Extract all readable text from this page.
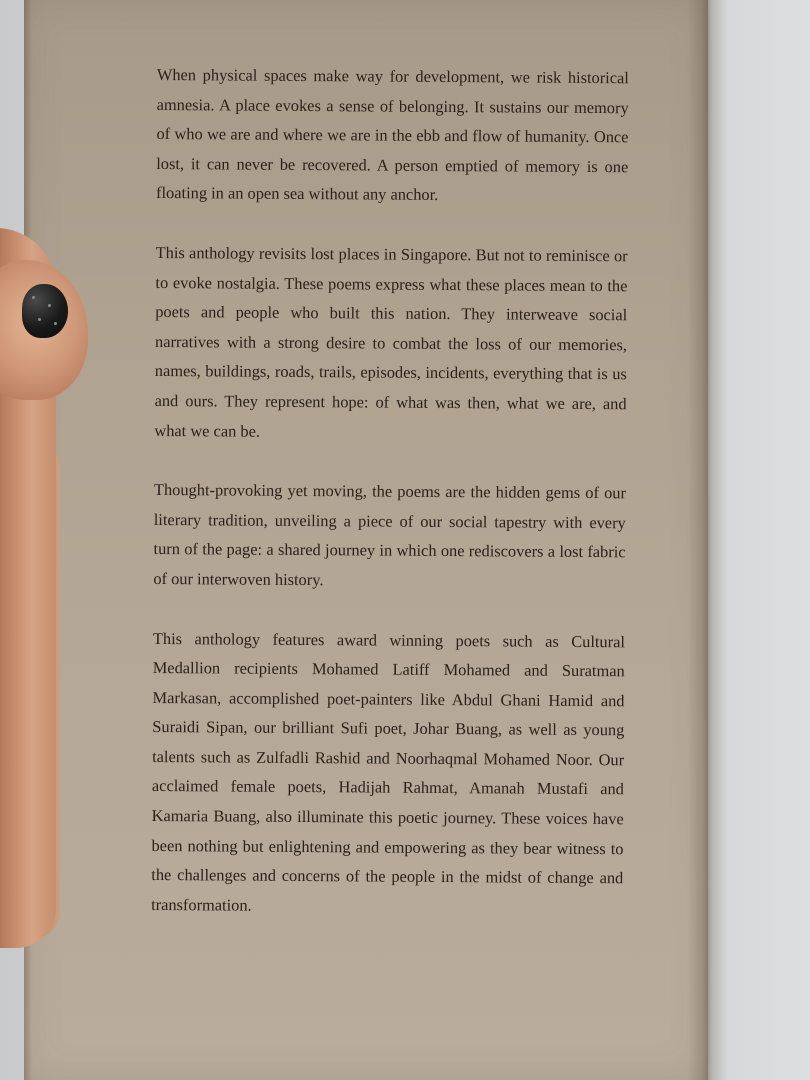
When physical spaces make way for development, we risk historical amnesia. A place evokes a sense of belonging. It sustains our memory of who we are and where we are in the ebb and flow of humanity. Once lost, it can never be recovered. A person emptied of memory is one floating in an open sea without any anchor.

This anthology revisits lost places in Singapore. But not to reminisce or to evoke nostalgia. These poems express what these places mean to the poets and people who built this nation. They interweave social narratives with a strong desire to combat the loss of our memories, names, buildings, roads, trails, episodes, incidents, everything that is us and ours. They represent hope: of what was then, what we are, and what we can be.

Thought-provoking yet moving, the poems are the hidden gems of our literary tradition, unveiling a piece of our social tapestry with every turn of the page: a shared journey in which one rediscovers a lost fabric of our interwoven history.

This anthology features award winning poets such as Cultural Medallion recipients Mohamed Latiff Mohamed and Suratman Markasan, accomplished poet-painters like Abdul Ghani Hamid and Suraidi Sipan, our brilliant Sufi poet, Johar Buang, as well as young talents such as Zulfadli Rashid and Noorhaqmal Mohamed Noor. Our acclaimed female poets, Hadijah Rahmat, Amanah Mustafi and Kamaria Buang, also illuminate this poetic journey. These voices have been nothing but enlightening and empowering as they bear witness to the challenges and concerns of the people in the midst of change and transformation.
